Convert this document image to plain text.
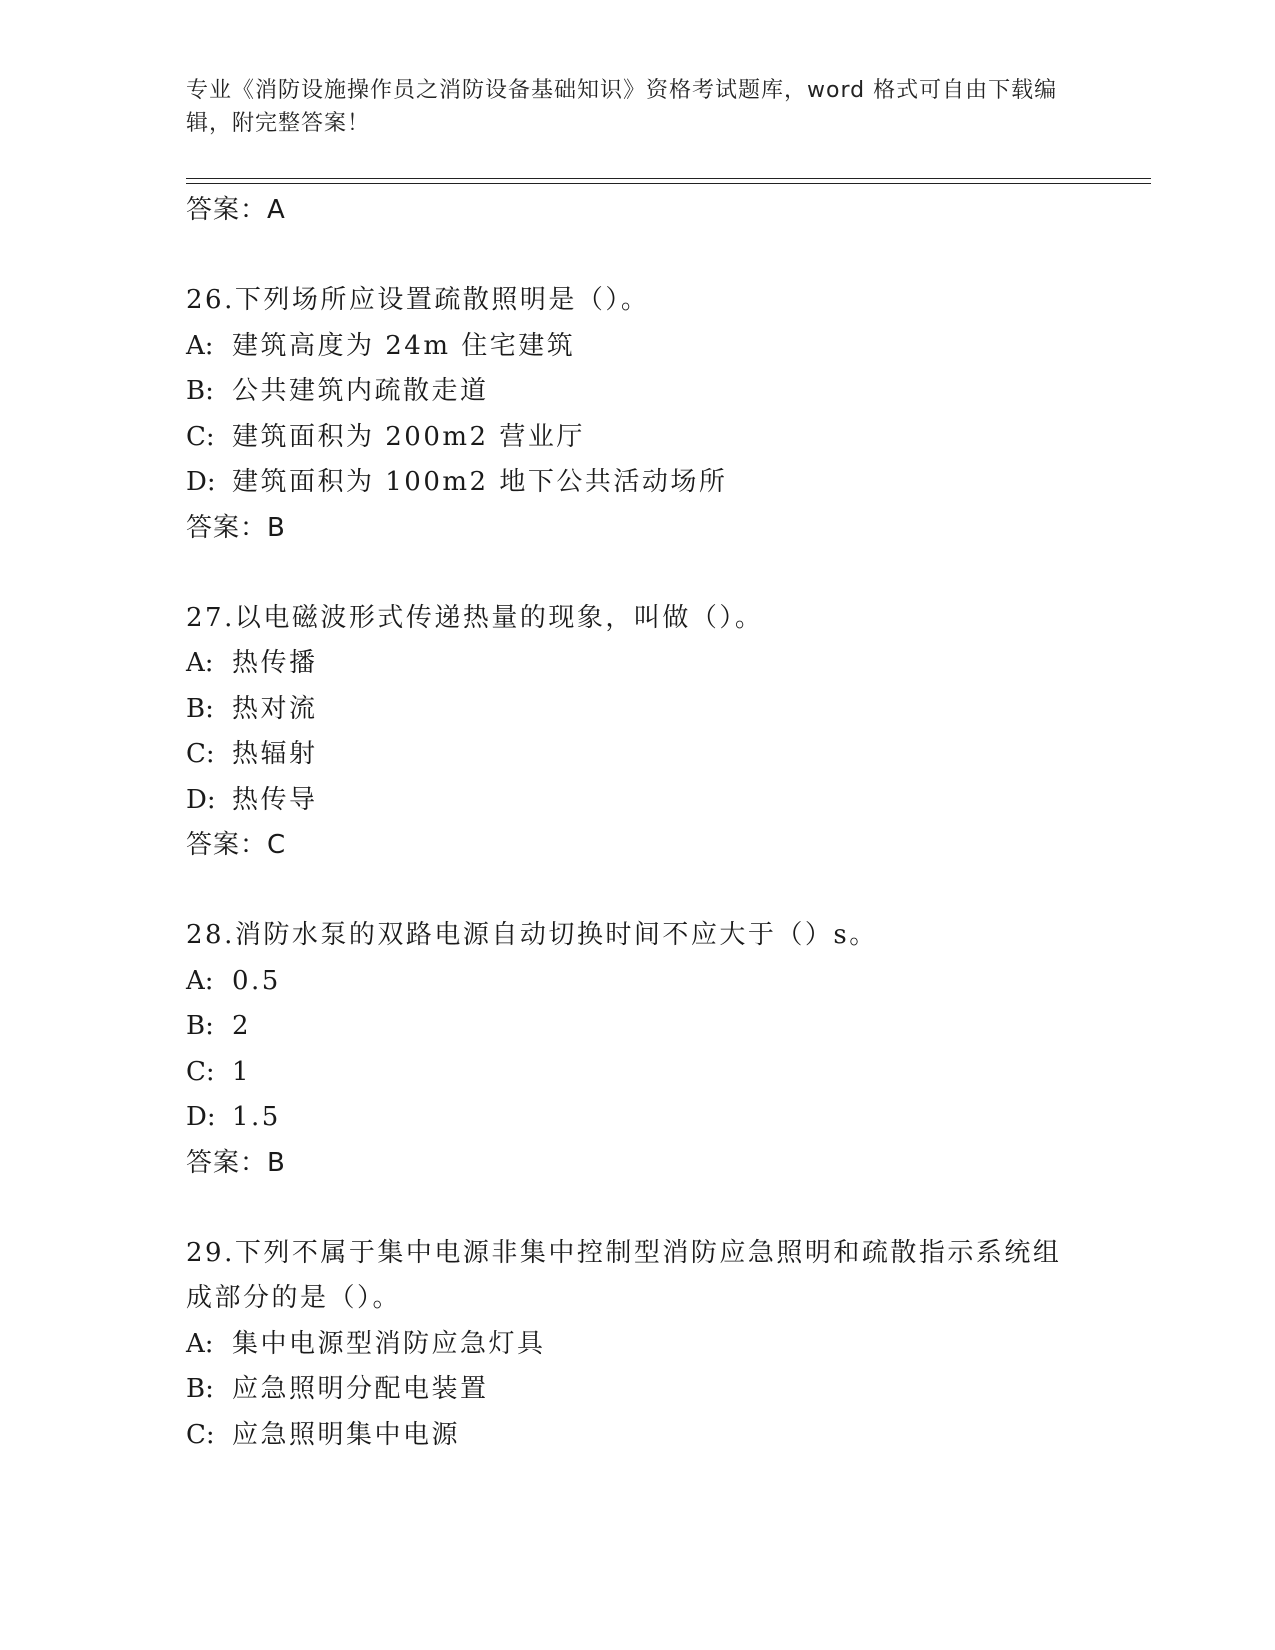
专业《消防设施操作员之消防设备基础知识》资格考试题库，word 格式可自由下载编辑，附完整答案！

答案：A

26.下列场所应设置疏散照明是（）。

A: 建筑高度为 24m 住宅建筑

B: 公共建筑内疏散走道

C: 建筑面积为 200m2 营业厅

D: 建筑面积为 100m2 地下公共活动场所

答案：B

27.以电磁波形式传递热量的现象，叫做（）。

A: 热传播

B: 热对流

C: 热辐射

D: 热传导

答案：C

28.消防水泵的双路电源自动切换时间不应大于（）s。

A: 0.5

B: 2

C: 1

D: 1.5

答案：B

29.下列不属于集中电源非集中控制型消防应急照明和疏散指示系统组成部分的是（）。

A: 集中电源型消防应急灯具

B: 应急照明分配电装置

C: 应急照明集中电源
